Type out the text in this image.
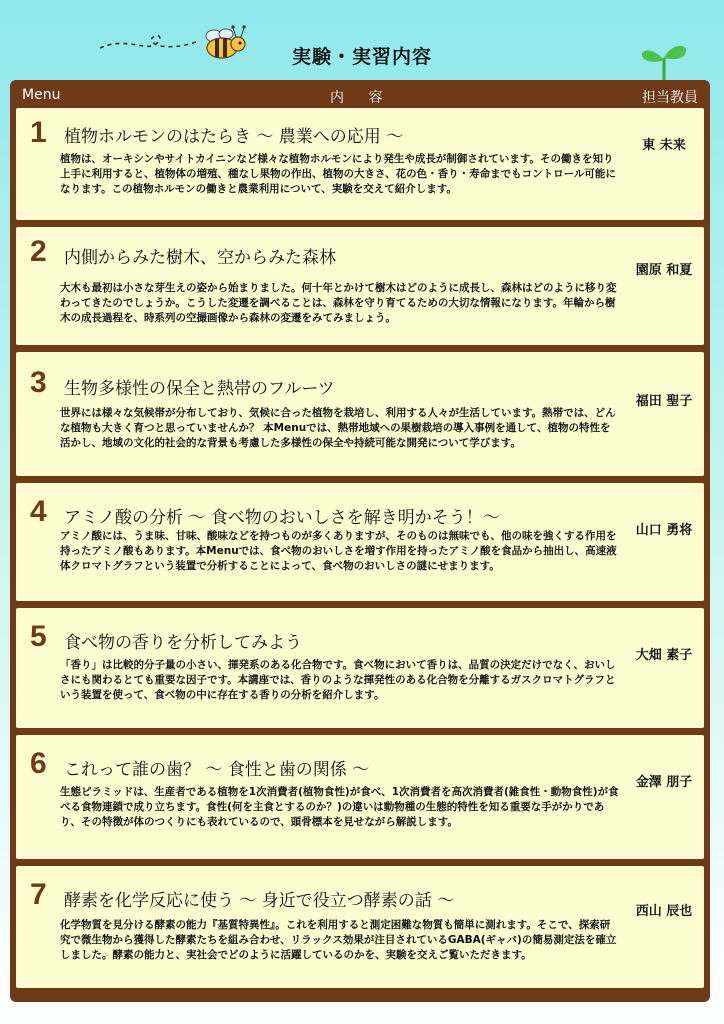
実験・実習内容
Menu	内 容	担当教員
1 植物ホルモンのはたらき ～ 農業への応用 ～
植物は、オーキシンやサイトカイニンなど様々な植物ホルモンにより発生や成長が制御されています。その働きを知り上手に利用すると、植物体の増殖、種なし果物の作出、植物の大きさ、花の色・香り・寿命までもコントロール可能になります。この植物ホルモンの働きと農業利用について、実験を交えて紹介します。
東 未来
2 内側からみた樹木、空からみた森林
大木も最初は小さな芽生えの姿から始まりました。何十年とかけて樹木はどのように成長し、森林はどのように移り変わってきたのでしょうか。こうした変遷を調べることは、森林を守り育てるための大切な情報になります。年輪から樹木の成長過程を、時系列の空撮画像から森林の変遷をみてみましょう。
園原 和夏
3 生物多様性の保全と熱帯のフルーツ
世界には様々な気候帯が分布しており、気候に合った植物を栽培し、利用する人々が生活しています。熱帯では、どんな植物も大きく育つと思っていませんか？ 本Menuでは、熱帯地域への果樹栽培の導入事例を通して、植物の特性を活かし、地域の文化的社会的な背景も考慮した多様性の保全や持続可能な開発について学びます。
福田 聖子
4 アミノ酸の分析 ～ 食べ物のおいしさを解き明かそう！～
アミノ酸には、うま味、甘味、酸味などを持つものが多くありますが、そのものは無味でも、他の味を強くする作用を持ったアミノ酸もあります。本Menuでは、食べ物のおいしさを増す作用を持ったアミノ酸を食品から抽出し、高速液体クロマトグラフという装置で分析することによって、食べ物のおいしさの謎にせまります。
山口 勇将
5 食べ物の香りを分析してみよう
「香り」は比較的分子量の小さい、揮発系のある化合物です。食べ物において香りは、品質の決定だけでなく、おいしさにも関わるとても重要な因子です。本講座では、香りのような揮発性のある化合物を分離するガスクロマトグラフという装置を使って、食べ物の中に存在する香りの分析を紹介します。
大畑 素子
6 これって誰の歯？ ～ 食性と歯の関係 ～
生態ピラミッドは、生産者である植物を1次消費者(植物食性)が食べ、1次消費者を高次消費者(雑食性・動物食性)が食べる食物連鎖で成り立ちます。食性(何を主食とするのか？)の違いは動物種の生態的特性を知る重要な手がかりであり、その特徴が体のつくりにも表れているので、頭骨標本を見せながら解説します。
金澤 朋子
7 酵素を化学反応に使う ～ 身近で役立つ酵素の話 ～
化学物質を見分ける酵素の能力『基質特異性』。これを利用すると測定困難な物質も簡単に測れます。そこで、探索研究で微生物から獲得した酵素たちを組み合わせ、リラックス効果が注目されているGABA(ギャバ)の簡易測定法を確立しました。酵素の能力と、実社会でどのように活躍しているのかを、実験を交えご覧いただきます。
西山 辰也
